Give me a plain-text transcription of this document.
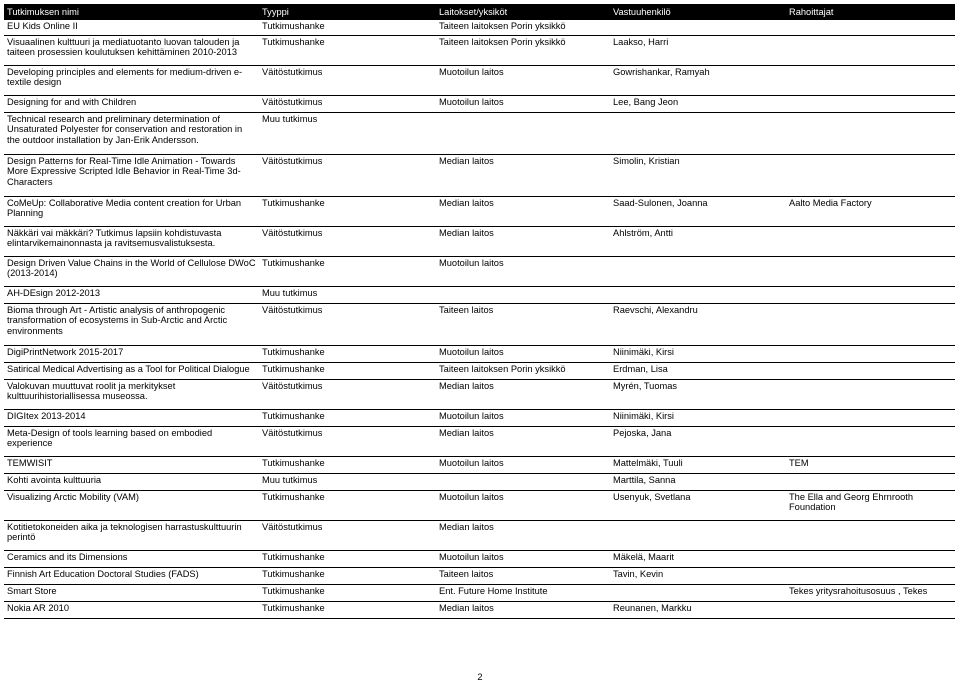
Tutkimuksen nimi	Tyyppi	Laitokset/yksiköt	Vastuuhenkilö	Rahoittajat
EU Kids Online II	Tutkimushanke	Taiteen laitoksen Porin yksikkö		
Visuaalinen kulttuuri ja mediatuotanto luovan talouden ja taiteen prosessien koulutuksen kehittäminen 2010-2013	Tutkimushanke	Taiteen laitoksen Porin yksikkö	Laakso, Harri	
Developing principles and elements for medium-driven e-textile design	Väitöstutkimus	Muotoilun laitos	Gowrishankar, Ramyah	
Designing for and with Children	Väitöstutkimus	Muotoilun laitos	Lee, Bang Jeon	
Technical research and preliminary determination of Unsaturated Polyester for conservation and restoration in the outdoor installation by Jan-Erik Andersson.	Muu tutkimus			
Design Patterns for Real-Time Idle Animation - Towards More Expressive Scripted Idle Behavior in Real-Time 3d-Characters	Väitöstutkimus	Median laitos	Simolin, Kristian	
CoMeUp: Collaborative Media content creation for Urban Planning	Tutkimushanke	Median laitos	Saad-Sulonen, Joanna	Aalto Media Factory
Näkkäri vai mäkkäri? Tutkimus lapsiin kohdistuvasta elintarvikemainonnasta ja ravitsemusvalistuksesta.	Väitöstutkimus	Median laitos	Ahlström, Antti	
Design Driven Value Chains in the World of Cellulose DWoC (2013-2014)	Tutkimushanke	Muotoilun laitos		
AH-DEsign 2012-2013	Muu tutkimus			
Bioma through Art - Artistic analysis of anthropogenic transformation of ecosystems in Sub-Arctic and Arctic environments	Väitöstutkimus	Taiteen laitos	Raevschi, Alexandru	
DigiPrintNetwork 2015-2017	Tutkimushanke	Muotoilun laitos	Niinimäki, Kirsi	
Satirical Medical Advertising as a Tool for Political Dialogue	Tutkimushanke	Taiteen laitoksen Porin yksikkö	Erdman, Lisa	
Valokuvan muuttuvat roolit ja merkitykset kulttuurihistoriallisessa museossa.	Väitöstutkimus	Median laitos	Myrén, Tuomas	
DIGItex 2013-2014	Tutkimushanke	Muotoilun laitos	Niinimäki, Kirsi	
Meta-Design of tools learning based on embodied experience	Väitöstutkimus	Median laitos	Pejoska, Jana	
TEMWISIT	Tutkimushanke	Muotoilun laitos	Mattelmäki, Tuuli	TEM
Kohti avointa kulttuuria	Muu tutkimus		Marttila, Sanna	
Visualizing Arctic Mobility (VAM)	Tutkimushanke	Muotoilun laitos	Usenyuk, Svetlana	The Ella and Georg Ehrnrooth Foundation
Kotitietokoneiden aika ja teknologisen harrastuskulttuurin perintö	Väitöstutkimus	Median laitos		
Ceramics and its Dimensions	Tutkimushanke	Muotoilun laitos	Mäkelä, Maarit	
Finnish Art Education Doctoral Studies (FADS)	Tutkimushanke	Taiteen laitos	Tavin, Kevin	
Smart Store	Tutkimushanke	Ent. Future Home Institute		Tekes yritysrahoitusosuus , Tekes
Nokia AR 2010	Tutkimushanke	Median laitos	Reunanen, Markku	
2
